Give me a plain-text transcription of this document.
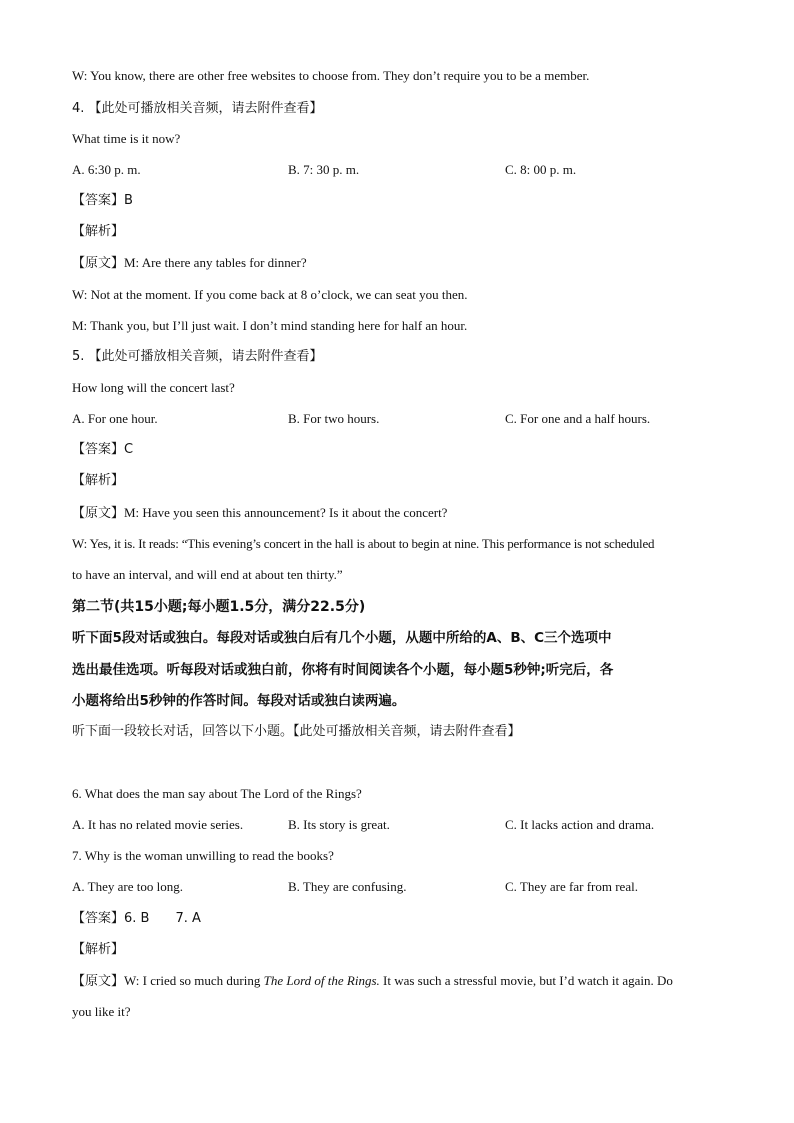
W: You know, there are other free websites to choose from. They don’t require you to be a member.
4. 【此处可播放相关音频，请去附件查看】
What time is it now?
A. 6:30 p. m.	B. 7: 30 p. m.	C. 8: 00 p. m.
【答案】B
【解析】
【原文】M: Are there any tables for dinner?
W: Not at the moment. If you come back at 8 o’clock, we can seat you then.
M: Thank you, but I’ll just wait. I don’t mind standing here for half an hour.
5. 【此处可播放相关音频，请去附件查看】
How long will the concert last?
A. For one hour.	B. For two hours.	C. For one and a half hours.
【答案】C
【解析】
【原文】M: Have you seen this announcement? Is it about the concert?
W: Yes, it is. It reads: “This evening’s concert in the hall is about to begin at nine. This performance is not scheduled
to have an interval, and will end at about ten thirty.”
第二节(共15小题;每小题1.5分，满分22.5分)
听下面5段对话或独白。每段对话或独白后有几个小题，从题中所给的A、B、C三个选项中
选出最佳选项。听每段对话或独白前，你将有时间阅读各个小题，每小题5秒钟;听完后，各
小题将给出5秒钟的作答时间。每段对话或独白读两遍。
听下面一段较长对话，回答以下小题。【此处可播放相关音频，请去附件查看】
6. What does the man say about The Lord of the Rings?
A. It has no related movie series.	B. Its story is great.	C. It lacks action and drama.
7. Why is the woman unwilling to read the books?
A. They are too long.	B. They are confusing.	C. They are far from real.
【答案】6. B　　7. A
【解析】
【原文】W: I cried so much during The Lord of the Rings. It was such a stressful movie, but I’d watch it again. Do
you like it?
